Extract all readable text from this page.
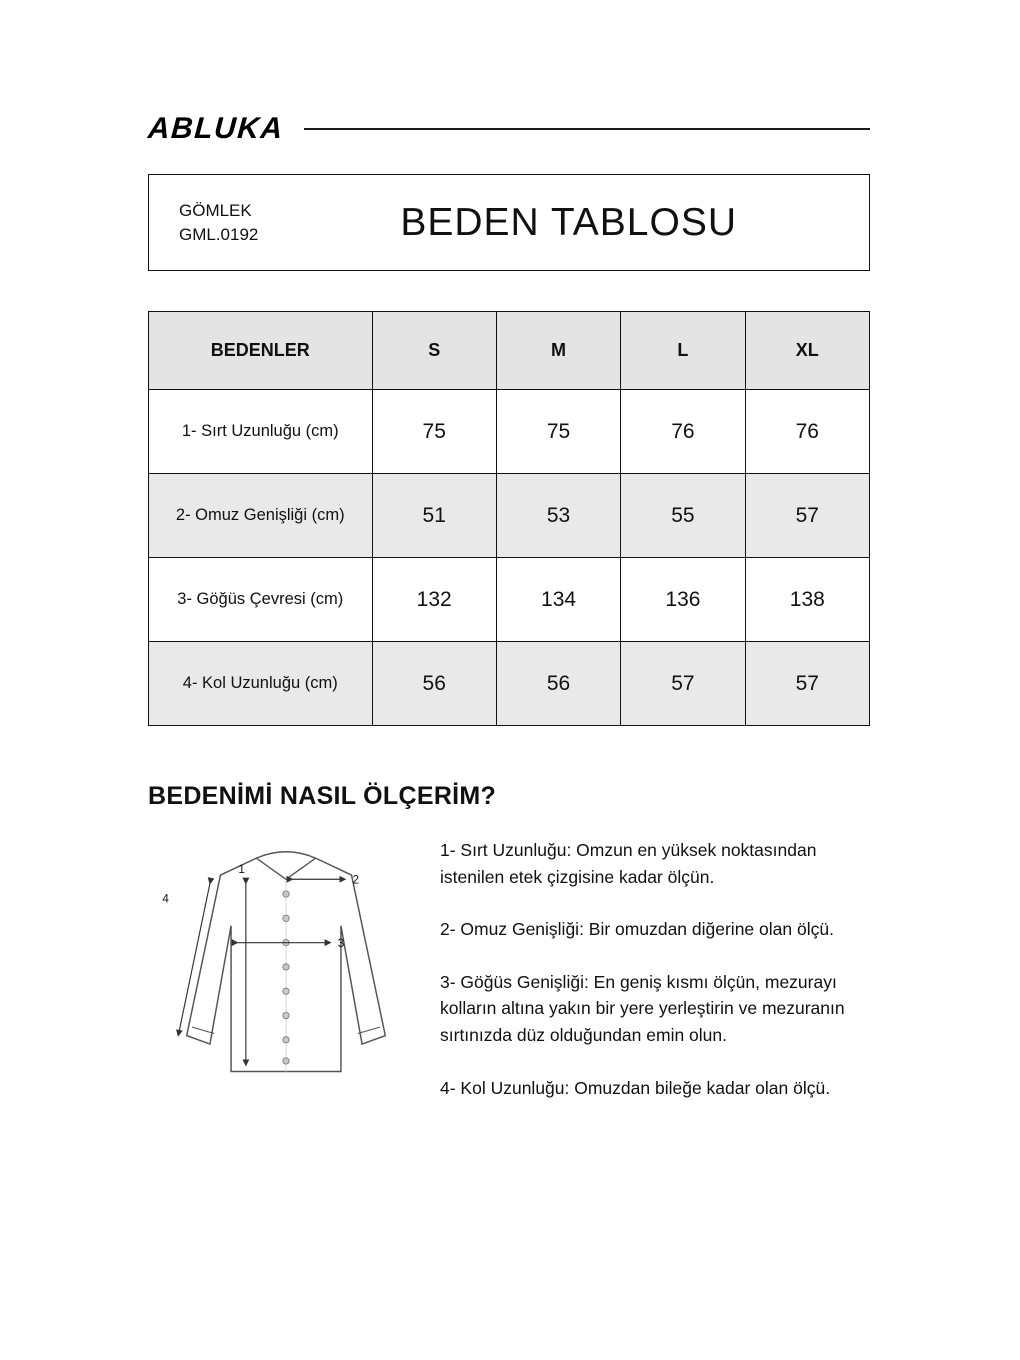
ABLUKA
GÖMLEK
GML.0192	BEDEN TABLOSU
BEDENLER	S	M	L	XL
1- Sırt Uzunluğu (cm)	75	75	76	76
2- Omuz Genişliği (cm)	51	53	55	57
3- Göğüs Çevresi (cm)	132	134	136	138
4- Kol Uzunluğu (cm)	56	56	57	57
BEDENİMİ NASIL ÖLÇERİM?
1
2
3
4

1- Sırt Uzunluğu: Omzun en yüksek noktasından istenilen etek çizgisine kadar ölçün.

2- Omuz Genişliği: Bir omuzdan diğerine olan ölçü.

3- Göğüs Genişliği: En geniş kısmı ölçün, mezurayı kolların altına yakın bir yere yerleştirin ve mezuranın sırtınızda düz olduğundan emin olun.

4- Kol Uzunluğu: Omuzdan bileğe kadar olan ölçü.
